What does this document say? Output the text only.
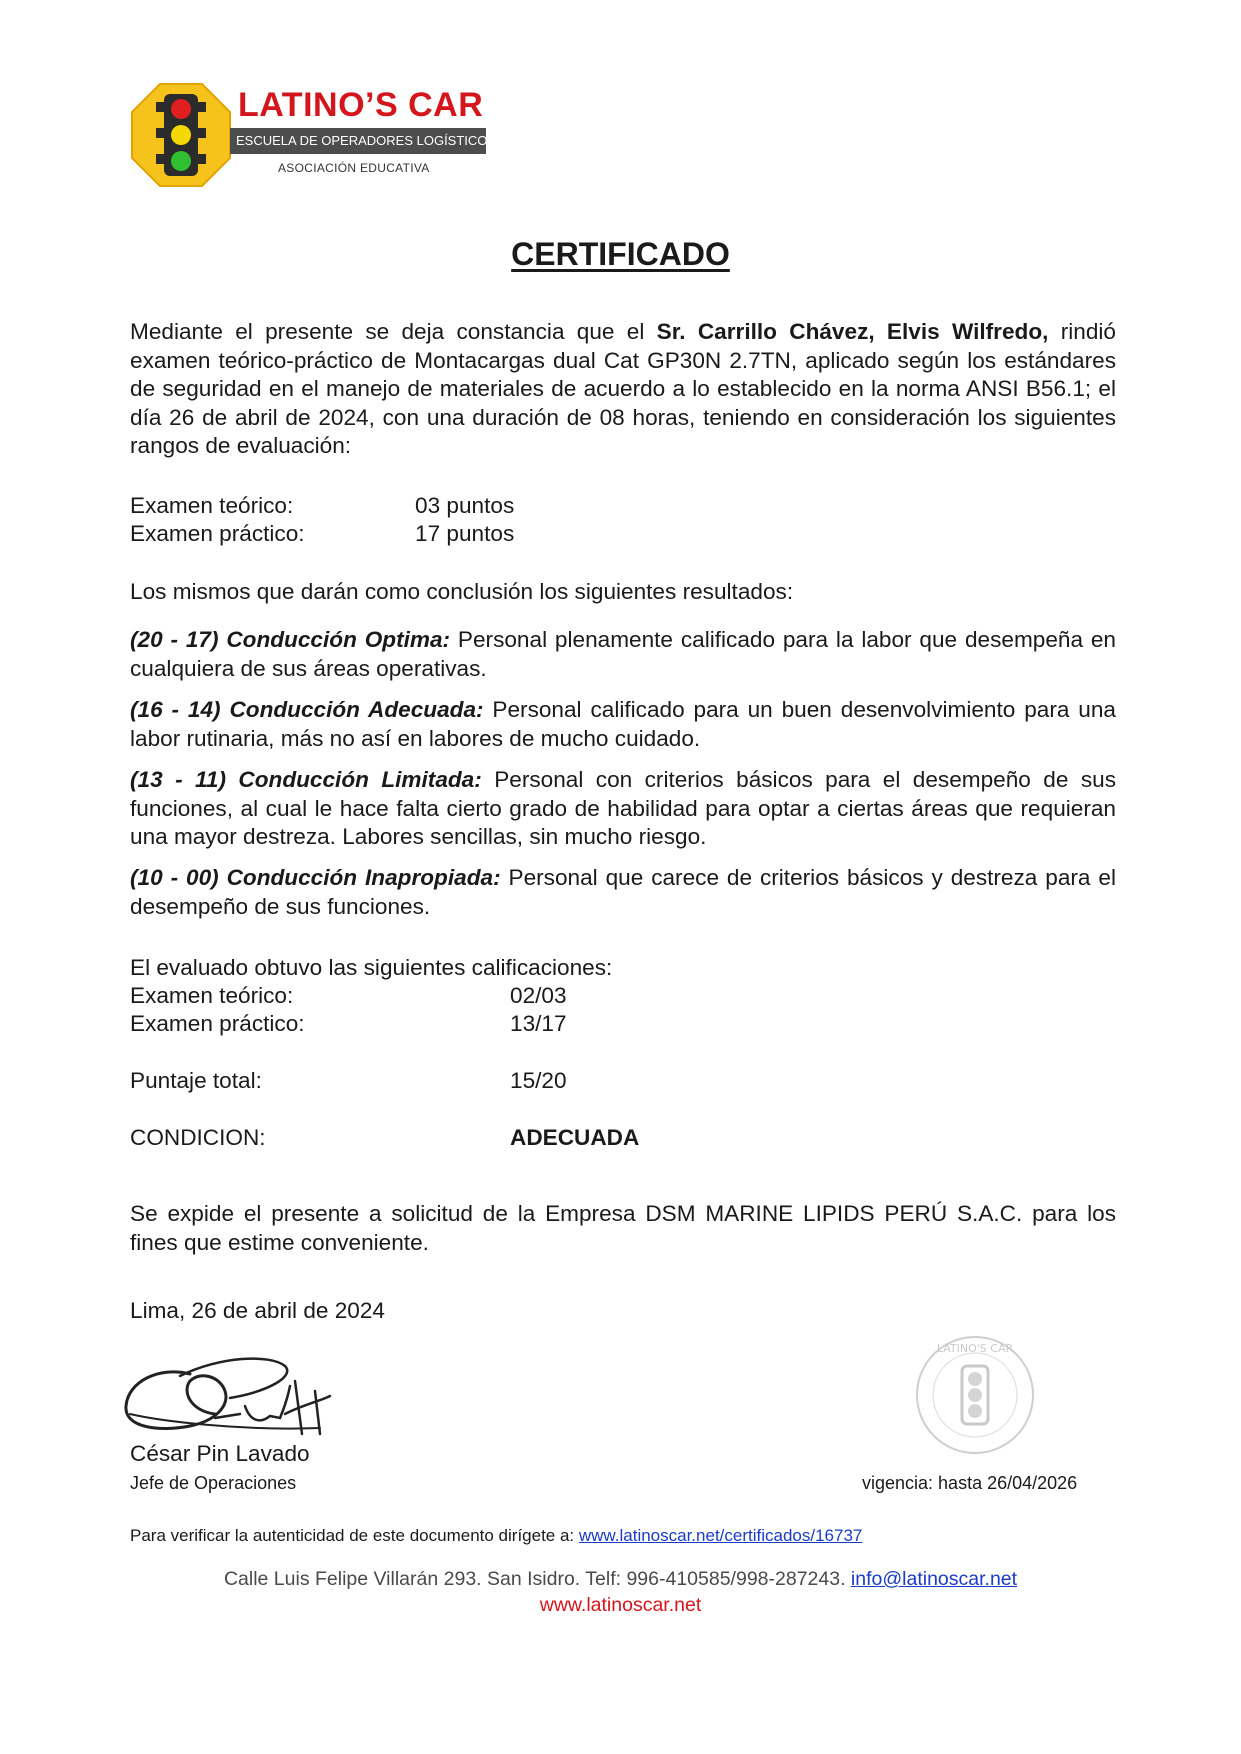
LATINO’S CAR
ESCUELA DE OPERADORES LOGÍSTICOS
ASOCIACIÓN EDUCATIVA
CERTIFICADO
Mediante el presente se deja constancia que el Sr. Carrillo Chávez, Elvis Wilfredo, rindió examen teórico-práctico de Montacargas dual Cat GP30N 2.7TN, aplicado según los estándares de seguridad en el manejo de materiales de acuerdo a lo establecido en la norma ANSI B56.1; el día 26 de abril de 2024, con una duración de 08 horas, teniendo en consideración los siguientes rangos de evaluación:
Examen teórico:	03 puntos
Examen práctico:	17 puntos
Los mismos que darán como conclusión los siguientes resultados:
(20 - 17) Conducción Optima: Personal plenamente calificado para la labor que desempeña en cualquiera de sus áreas operativas.
(16 - 14) Conducción Adecuada: Personal calificado para un buen desenvolvimiento para una labor rutinaria, más no así en labores de mucho cuidado.
(13 - 11) Conducción Limitada: Personal con criterios básicos para el desempeño de sus funciones, al cual le hace falta cierto grado de habilidad para optar a ciertas áreas que requieran una mayor destreza. Labores sencillas, sin mucho riesgo.
(10 - 00) Conducción Inapropiada: Personal que carece de criterios básicos y destreza para el desempeño de sus funciones.
El evaluado obtuvo las siguientes calificaciones:
Examen teórico:	02/03
Examen práctico:	13/17
Puntaje total:	15/20
CONDICION:	ADECUADA
Se expide el presente a solicitud de la Empresa DSM MARINE LIPIDS PERÚ S.A.C. para los fines que estime conveniente.
Lima, 26 de abril de 2024
César Pin Lavado
Jefe de Operaciones
LATINO'S CAR
vigencia: hasta 26/04/2026
Para verificar la autenticidad de este documento dirígete a: www.latinoscar.net/certificados/16737
Calle Luis Felipe Villarán 293. San Isidro. Telf: 996-410585/998-287243. info@latinoscar.net
www.latinoscar.net
